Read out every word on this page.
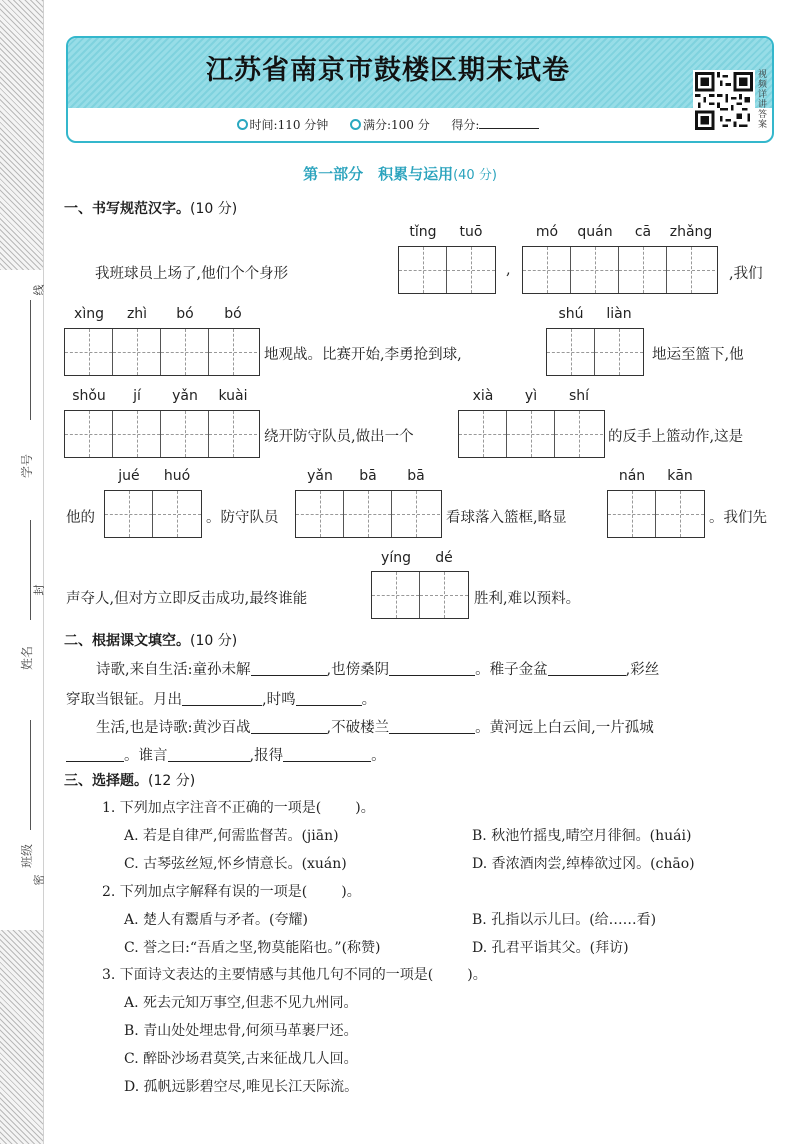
线
封
密
学号
姓名
班级
江苏省南京市鼓楼区期末试卷
时间:110 分钟	满分:100 分 得分:
视频详讲答案
第一部分　积累与运用(40 分)
一、书写规范汉字。(10 分)
tǐng	tuō	mó	quán	cā	zhǎng
我班球员上场了,他们个个身形	,	,我们
xìng	zhì	bó	bó	shú	liàn
地观战。比赛开始,李勇抢到球,	地运至篮下,他
shǒu	jí	yǎn	kuài	xià	yì	shí
绕开防守队员,做出一个	的反手上篮动作,这是
jué	huó	yǎn	bā	bā	nán	kān
他的	。防守队员	看球落入篮框,略显	。我们先
yíng	dé
声夺人,但对方立即反击成功,最终谁能	胜利,难以预料。
二、根据课文填空。(10 分)
诗歌,来自生活:童孙未解	,也傍桑阴	。稚子金盆	,彩丝
穿取当银钲。月出	,时鸣	。
生活,也是诗歌:黄沙百战	,不破楼兰	。黄河远上白云间,一片孤城
。谁言	,报得	。
三、选择题。(12 分)
1. 下列加点字注音不正确的一项是( )。
A. 若是自律严,何需监督苦。(jiān)	B. 秋池竹摇曳,晴空月徘徊。(huái)
C. 古琴弦丝短,怀乡情意长。(xuán)	D. 香浓酒肉尝,绰棒欲过冈。(chāo)
2. 下列加点字解释有误的一项是( )。
A. 楚人有鬻盾与矛者。(夸耀)	B. 孔指以示儿曰。(给……看)
C. 誉之曰:“吾盾之坚,物莫能陷也。”(称赞)	D. 孔君平诣其父。(拜访)
3. 下面诗文表达的主要情感与其他几句不同的一项是( )。
A. 死去元知万事空,但悲不见九州同。
B. 青山处处埋忠骨,何须马革裹尸还。
C. 醉卧沙场君莫笑,古来征战几人回。
D. 孤帆远影碧空尽,唯见长江天际流。
